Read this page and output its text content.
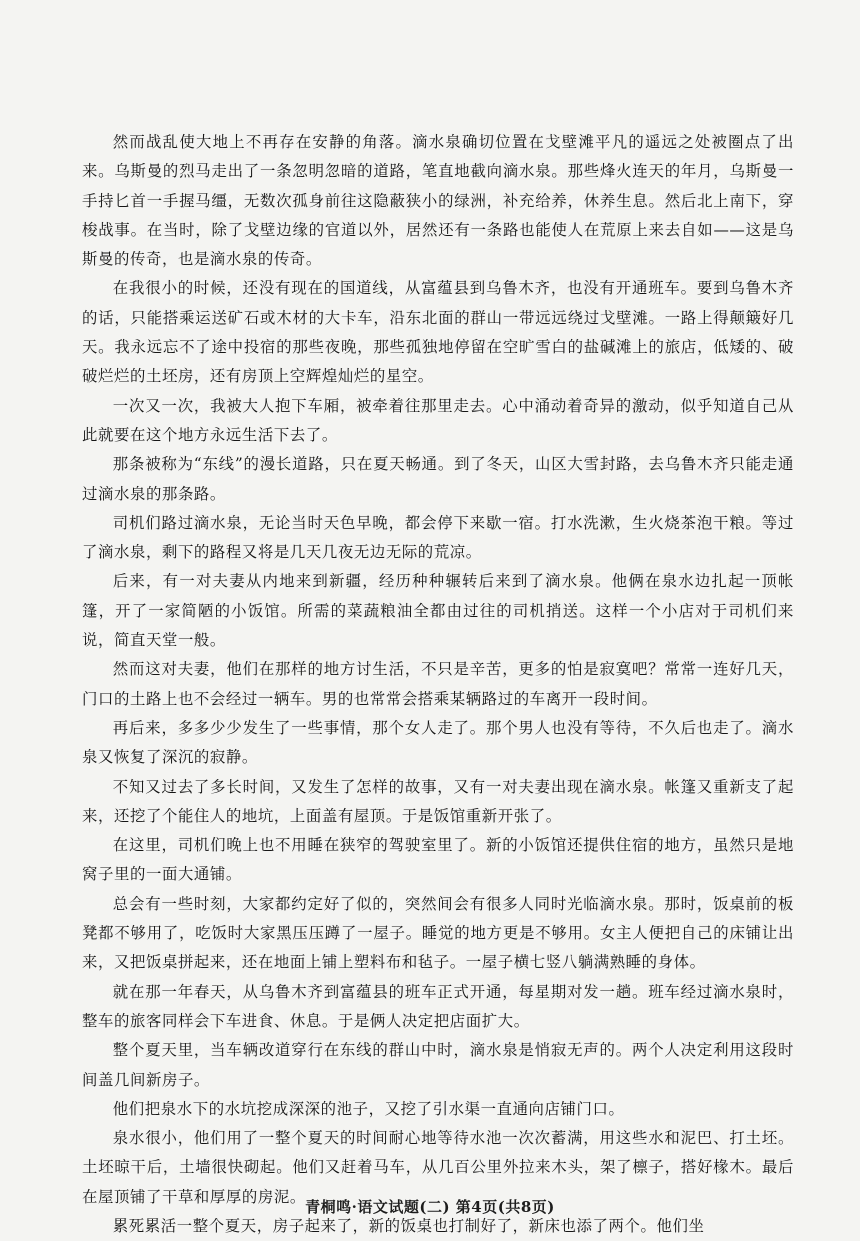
然而战乱使大地上不再存在安静的角落。滴水泉确切位置在戈壁滩平凡的遥远之处被圈点了出来。乌斯曼的烈马走出了一条忽明忽暗的道路，笔直地截向滴水泉。那些烽火连天的年月，乌斯曼一手持匕首一手握马缰，无数次孤身前往这隐蔽狭小的绿洲，补充给养，休养生息。然后北上南下，穿梭战事。在当时，除了戈壁边缘的官道以外，居然还有一条路也能使人在荒原上来去自如——这是乌斯曼的传奇，也是滴水泉的传奇。

在我很小的时候，还没有现在的国道线，从富蕴县到乌鲁木齐，也没有开通班车。要到乌鲁木齐的话，只能搭乘运送矿石或木材的大卡车，沿东北面的群山一带远远绕过戈壁滩。一路上得颠簸好几天。我永远忘不了途中投宿的那些夜晚，那些孤独地停留在空旷雪白的盐碱滩上的旅店，低矮的、破破烂烂的土坯房，还有房顶上空辉煌灿烂的星空。

一次又一次，我被大人抱下车厢，被牵着往那里走去。心中涌动着奇异的激动，似乎知道自己从此就要在这个地方永远生活下去了。

那条被称为“东线”的漫长道路，只在夏天畅通。到了冬天，山区大雪封路，去乌鲁木齐只能走通过滴水泉的那条路。

司机们路过滴水泉，无论当时天色早晚，都会停下来歇一宿。打水洗漱，生火烧茶泡干粮。等过了滴水泉，剩下的路程又将是几天几夜无边无际的荒凉。

后来，有一对夫妻从内地来到新疆，经历种种辗转后来到了滴水泉。他俩在泉水边扎起一顶帐篷，开了一家简陋的小饭馆。所需的菜蔬粮油全都由过往的司机捎送。这样一个小店对于司机们来说，简直天堂一般。

然而这对夫妻，他们在那样的地方讨生活，不只是辛苦，更多的怕是寂寞吧？常常一连好几天，门口的土路上也不会经过一辆车。男的也常常会搭乘某辆路过的车离开一段时间。

再后来，多多少少发生了一些事情，那个女人走了。那个男人也没有等待，不久后也走了。滴水泉又恢复了深沉的寂静。

不知又过去了多长时间，又发生了怎样的故事，又有一对夫妻出现在滴水泉。帐篷又重新支了起来，还挖了个能住人的地坑，上面盖有屋顶。于是饭馆重新开张了。

在这里，司机们晚上也不用睡在狭窄的驾驶室里了。新的小饭馆还提供住宿的地方，虽然只是地窝子里的一面大通铺。

总会有一些时刻，大家都约定好了似的，突然间会有很多人同时光临滴水泉。那时，饭桌前的板凳都不够用了，吃饭时大家黑压压蹲了一屋子。睡觉的地方更是不够用。女主人便把自己的床铺让出来，又把饭桌拼起来，还在地面上铺上塑料布和毡子。一屋子横七竖八躺满熟睡的身体。

就在那一年春天，从乌鲁木齐到富蕴县的班车正式开通，每星期对发一趟。班车经过滴水泉时，整车的旅客同样会下车进食、休息。于是俩人决定把店面扩大。

整个夏天里，当车辆改道穿行在东线的群山中时，滴水泉是悄寂无声的。两个人决定利用这段时间盖几间新房子。

他们把泉水下的水坑挖成深深的池子，又挖了引水渠一直通向店铺门口。

泉水很小，他们用了一整个夏天的时间耐心地等待水池一次次蓄满，用这些水和泥巴、打土坯。土坯晾干后，土墙很快砌起。他们又赶着马车，从几百公里外拉来木头，架了檩子，搭好椽木。最后在屋顶铺了干草和厚厚的房泥。

累死累活一整个夏天，房子起来了，新的饭桌也打制好了，新床也添了两个。他们坐

青桐鸣·语文试题(二) 第4页(共8页)
